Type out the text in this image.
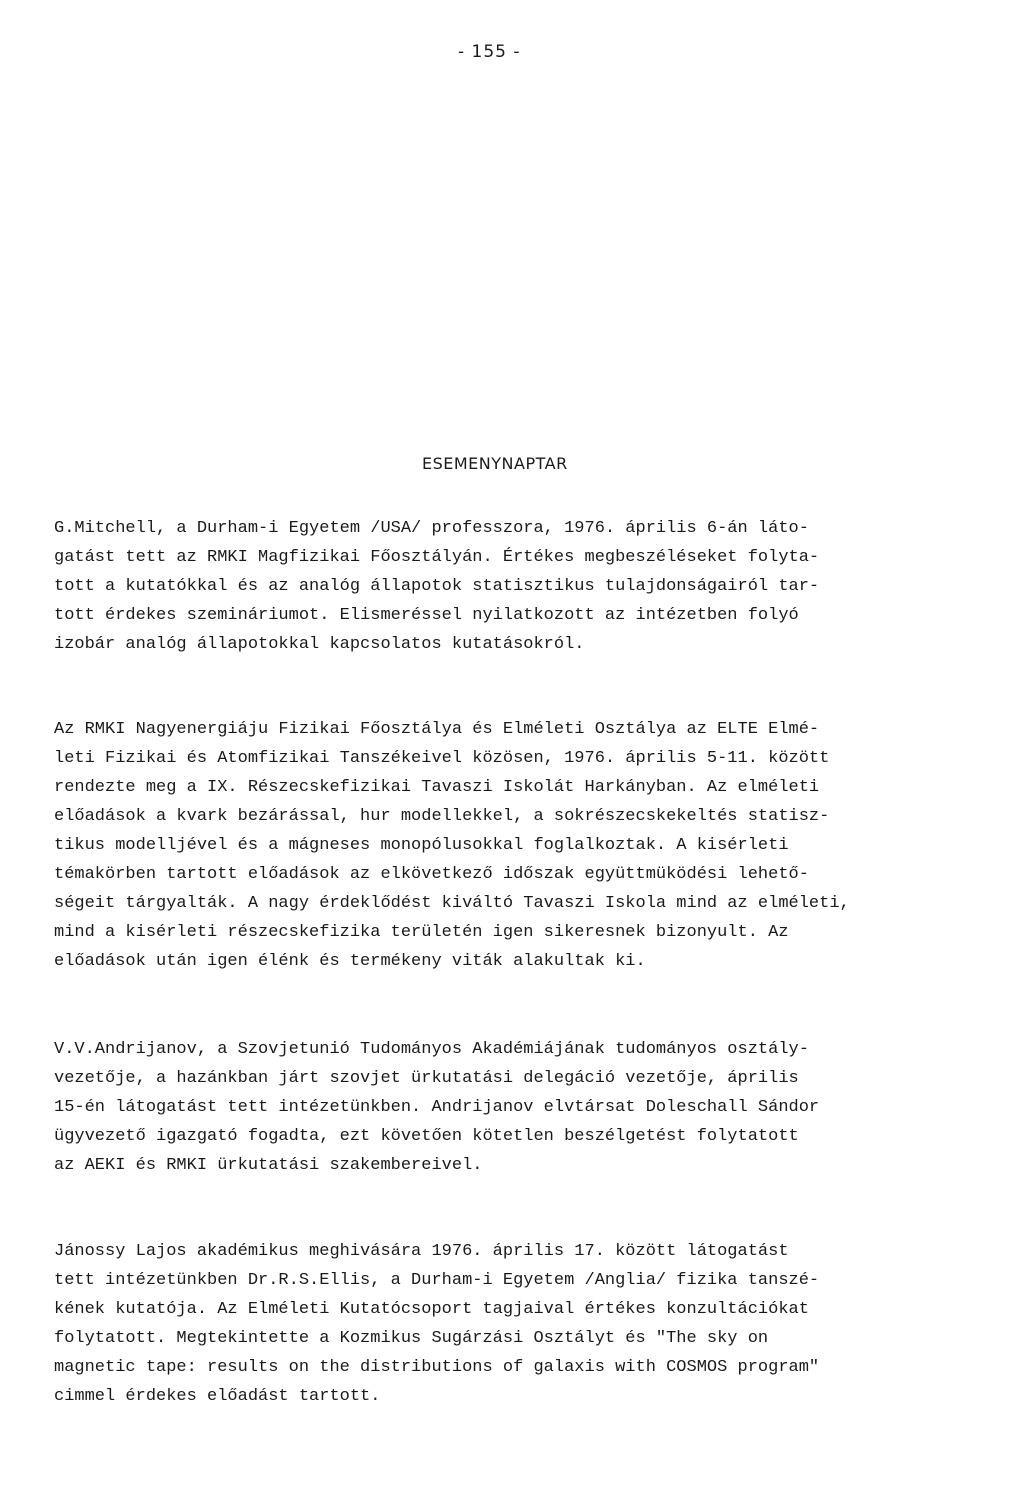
- 155 -
ESEMENYNAPTAR
G.Mitchell, a Durham-i Egyetem /USA/ professzora, 1976. április 6-án láto-
gatást tett az RMKI Magfizikai Főosztályán. Értékes megbeszéléseket folyta-
tott a kutatókkal és az analóg állapotok statisztikus tulajdonságairól tar-
tott érdekes szemináriumot. Elismeréssel nyilatkozott az intézetben folyó
izobár analóg állapotokkal kapcsolatos kutatásokról.
Az RMKI Nagyenergiáju Fizikai Főosztálya és Elméleti Osztálya az ELTE Elmé-
leti Fizikai és Atomfizikai Tanszékeivel közösen, 1976. április 5-11. között
rendezte meg a IX. Részecskefizikai Tavaszi Iskolát Harkányban. Az elméleti
előadások a kvark bezárással, hur modellekkel, a sokrészecskekeltés statisz-
tikus modelljével és a mágneses monopólusokkal foglalkoztak. A kisérleti
témakörben tartott előadások az elkövetkező időszak együttmüködési lehető-
ségeit tárgyalták. A nagy érdeklődést kiváltó Tavaszi Iskola mind az elméleti,
mind a kisérleti részecskefizika területén igen sikeresnek bizonyult. Az
előadások után igen élénk és termékeny viták alakultak ki.
V.V.Andrijanov, a Szovjetunió Tudományos Akadémiájának tudományos osztály-
vezetője, a hazánkban járt szovjet ürkutatási delegáció vezetője, április
15-én látogatást tett intézetünkben. Andrijanov elvtársat Doleschall Sándor
ügyvezető igazgató fogadta, ezt követően kötetlen beszélgetést folytatott
az AEKI és RMKI ürkutatási szakembereivel.
Jánossy Lajos akadémikus meghivására 1976. április 17. között látogatást
tett intézetünkben Dr.R.S.Ellis, a Durham-i Egyetem /Anglia/ fizika tanszé-
kének kutatója. Az Elméleti Kutatócsoport tagjaival értékes konzultációkat
folytatott. Megtekintette a Kozmikus Sugárzási Osztályt és "The sky on
magnetic tape: results on the distributions of galaxis with COSMOS program"
cimmel érdekes előadást tartott.
